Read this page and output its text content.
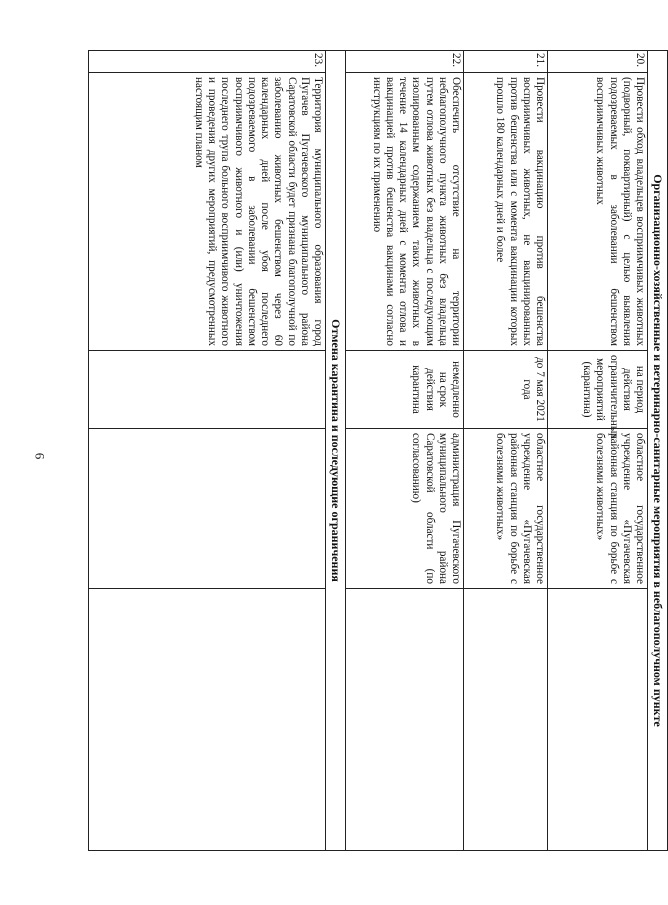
6	Организационно-хозяйственные и ветеринарно-санитарные мероприятия в неблагополучном пункте				
20.	Провести обход владельцев восприимчивых животных (подворный, поквартирный) с целью выявления подозреваемых в заболевании бешенством восприимчивых животных	на период действия ограничительных мероприятий (карантина)	областное государственное учреждение «Пугачевская районная станция по борьбе с болезнями животных»	
21.	Провести вакцинацию против бешенства восприимчивых животных, не вакцинированных против бешенства или с момента вакцинации которых прошло 180 календарных дней и более	до 7 мая 2021 года	областное государственное учреждение «Пугачевская районная станция по борьбе с болезнями животных»	
22.	Обеспечить отсутствие на территории неблагополучного пункта животных без владельца путем отлова животных без владельца с последующим изолированным содержанием таких животных в течение 14 календарных дней с момента отлова и вакцинацией против бешенства вакцинами согласно инструкциям по их применению	немедленно на срок действия карантина	администрация Пугачевского муниципального района Саратовской области (по согласованию)	
Отмена карантина и последующие ограничения				
23.	Территория муниципального образования город Пугачев Пугачевского муниципального района Саратовской области будет признана благополучной по заболеванию животных бешенством через 60 календарных дней после убоя последнего подозреваемого в заболевании бешенством восприимчивого животного и (или) уничтожения последнего трупа больного восприимчивого животного и проведения других мероприятий, предусмотренных настоящим планом			
